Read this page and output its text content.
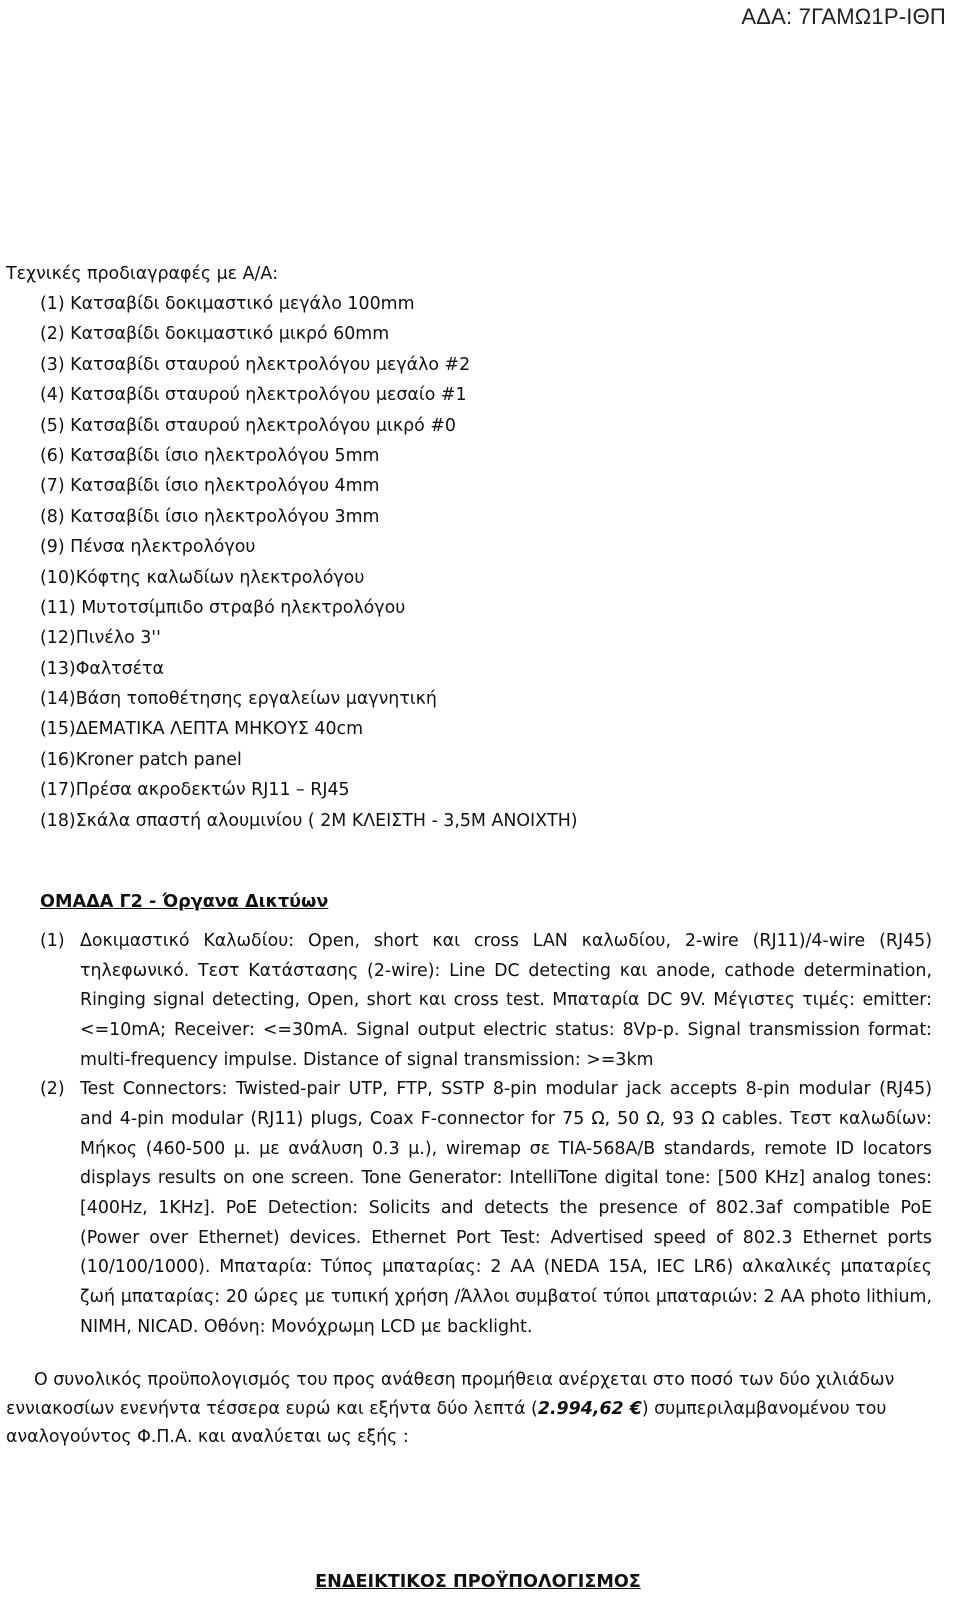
ΑΔΑ: 7ΓΑΜΩ1Ρ-ΙΘΠ
Τεχνικές προδιαγραφές με Α/Α:
(1) Κατσαβίδι δοκιμαστικό μεγάλο 100mm
(2) Κατσαβίδι δοκιμαστικό μικρό 60mm
(3) Κατσαβίδι σταυρού ηλεκτρολόγου μεγάλο #2
(4) Κατσαβίδι σταυρού ηλεκτρολόγου μεσαίο #1
(5) Κατσαβίδι σταυρού ηλεκτρολόγου μικρό #0
(6) Κατσαβίδι ίσιο ηλεκτρολόγου 5mm
(7) Κατσαβίδι ίσιο ηλεκτρολόγου 4mm
(8) Κατσαβίδι ίσιο ηλεκτρολόγου 3mm
(9) Πένσα ηλεκτρολόγου
(10)Κόφτης καλωδίων ηλεκτρολόγου
(11) Μυτοτσίμπιδο στραβό ηλεκτρολόγου
(12)Πινέλο 3''
(13)Φαλτσέτα
(14)Βάση τοποθέτησης εργαλείων μαγνητική
(15)ΔΕΜΑΤΙΚΑ ΛΕΠΤΑ ΜΗΚΟΥΣ 40cm
(16)Kroner patch panel
(17)Πρέσα ακροδεκτών RJ11 – RJ45
(18)Σκάλα σπαστή αλουμινίου ( 2Μ ΚΛΕΙΣΤΗ - 3,5Μ ΑΝΟΙΧΤΗ)
ΟΜΑΔΑ Γ2 - Όργανα Δικτύων
(1) Δοκιμαστικό Καλωδίου: Open, short και cross LAN καλωδίου, 2-wire (RJ11)/4-wire (RJ45) τηλεφωνικό. Τεστ Κατάστασης (2-wire): Line DC detecting και anode, cathode determination, Ringing signal detecting, Open, short και cross test. Μπαταρία DC 9V. Μέγιστες τιμές: emitter: <=10mA; Receiver: <=30mA. Signal output electric status: 8Vp-p. Signal transmission format: multi-frequency impulse. Distance of signal transmission: >=3km
(2) Test Connectors: Twisted-pair UTP, FTP, SSTP 8-pin modular jack accepts 8-pin modular (RJ45) and 4-pin modular (RJ11) plugs, Coax F-connector for 75 Ω, 50 Ω, 93 Ω cables. Τεστ καλωδίων: Μήκος (460-500 μ. με ανάλυση 0.3 μ.), wiremap σε TIA-568A/B standards, remote ID locators displays results on one screen. Tone Generator: IntelliTone digital tone: [500 KHz] analog tones: [400Hz, 1KHz]. PoE Detection: Solicits and detects the presence of 802.3af compatible PoE (Power over Ethernet) devices. Ethernet Port Test: Advertised speed of 802.3 Ethernet ports (10/100/1000). Μπαταρία: Τύπος μπαταρίας: 2 AA (NEDA 15A, IEC LR6) αλκαλικές μπαταρίες ζωή μπαταρίας: 20 ώρες με τυπική χρήση /Άλλοι συμβατοί τύποι μπαταριών: 2 AA photo lithium, NIMH, NICAD. Οθόνη: Μονόχρωμη LCD με backlight.

Ο συνολικός προϋπολογισμός του προς ανάθεση προμήθεια ανέρχεται στο ποσό των δύο χιλιάδων εννιακοσίων ενενήντα τέσσερα ευρώ και εξήντα δύο λεπτά (2.994,62 €) συμπεριλαμβανομένου του αναλογούντος Φ.Π.Α. και αναλύεται ως εξής :

ΕΝΔΕΙΚΤΙΚΟΣ ΠΡΟΫΠΟΛΟΓΙΣΜΟΣ
